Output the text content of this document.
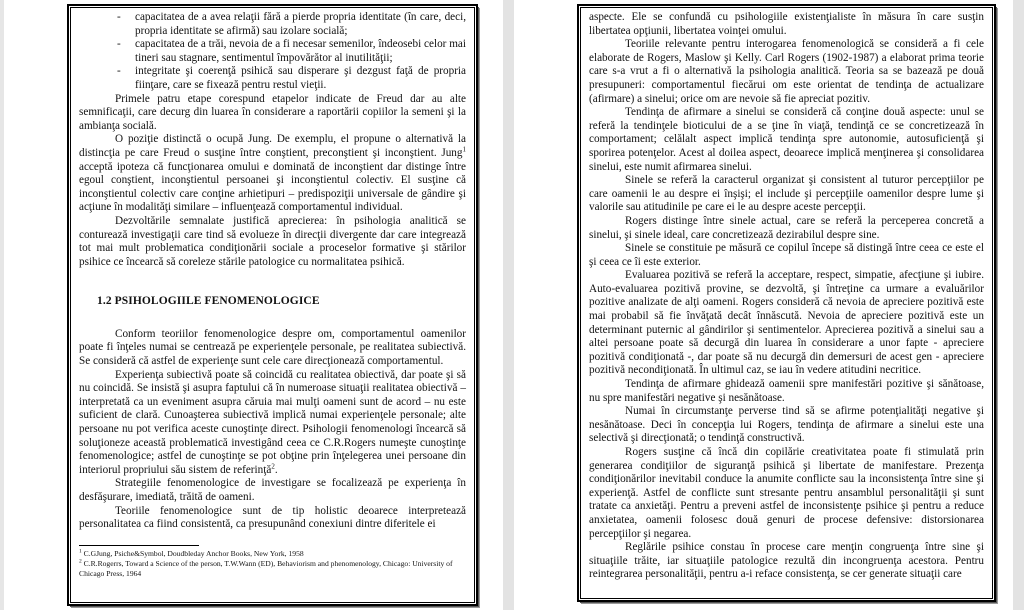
- capacitatea de a avea relaţii fără a pierde propria identitate (în care, deci, propria identitate se afirmă) sau izolare socială;
- capacitatea de a trăi, nevoia de a fi necesar semenilor, îndeosebi celor mai tineri sau stagnare, sentimentul împovărător al inutilităţii;
- integritate şi coerenţă psihică sau disperare şi dezgust faţă de propria fiinţare, care se fixează pentru restul vieţii.

Primele patru etape corespund etapelor indicate de Freud dar au alte semnificaţii, care decurg din luarea în considerare a raportării copiilor la semeni şi la ambianţa socială.

O poziţie distinctă o ocupă Jung. De exemplu, el propune o alternativă la distincţia pe care Freud o susţine între conştient, preconştient şi inconştient. Jung$^1$ acceptă ipoteza că funcţionarea omului e dominată de inconştient dar distinge între egoul conştient, inconştientul persoanei şi inconştientul colectiv. El susţine că inconştientul colectiv care conţine arhietipuri – predispoziţii universale de gândire şi acţiune în modalităţi similare – influenţează comportamentul individual.

Dezvoltările semnalate justifică aprecierea: în psihologia analitică se conturează investigaţii care tind să evolueze în direcţii divergente dar care integrează tot mai mult problematica condiţionării sociale a proceselor formative şi stărilor psihice ce încearcă să coreleze stările patologice cu normalitatea psihică.

1.2 PSIHOLOGIILE FENOMENOLOGICE

Conform teoriilor fenomenologice despre om, comportamentul oamenilor poate fi înţeles numai se centrează pe experienţele personale, pe realitatea subiectivă. Se consideră că astfel de experienţe sunt cele care direcţionează comportamentul.

Experienţa subiectivă poate să coincidă cu realitatea obiectivă, dar poate şi să nu coincidă. Se insistă şi asupra faptului că în numeroase situaţii realitatea obiectivă – interpretată ca un eveniment asupra căruia mai mulţi oameni sunt de acord – nu este suficient de clară. Cunoaşterea subiectivă implică numai experienţele personale; alte persoane nu pot verifica aceste cunoştinţe direct. Psihologii fenomenologi încearcă să soluţioneze această problematică investigând ceea ce C.R.Rogers numeşte cunoştinţe fenomenologice; astfel de cunoştinţe se pot obţine prin înţelegerea unei persoane din interiorul propriului său sistem de referinţă$^2$.

Strategiile fenomenologice de investigare se focalizează pe experienţa în desfăşurare, imediată, trăită de oameni.

Teoriile fenomenologice sunt de tip holistic deoarece interpretează personalitatea ca fiind consistentă, ca presupunând conexiuni dintre diferitele ei

$^1$ C.GJung, Psiche&Symbol, Doudbleday Anchor Books, New York, 1958
$^2$ C.R.Rogerrs, Toward a Science of the person, T.W.Wann (ED), Behaviorism and phenomenology, Chicago: University of Chicago Press, 1964

aspecte. Ele se confundă cu psihologiile existenţialiste în măsura în care susţin libertatea opţiunii, libertatea voinţei omului.

Teoriile relevante pentru interogarea fenomenologică se consideră a fi cele elaborate de Rogers, Maslow şi Kelly. Carl Rogers (1902-1987) a elaborat prima teorie care s-a vrut a fi o alternativă la psihologia analitică. Teoria sa se bazează pe două presupuneri: comportamentul fiecărui om este orientat de tendinţa de actualizare (afirmare) a sinelui; orice om are nevoie să fie apreciat pozitiv.

Tendinţa de afirmare a sinelui se consideră că conţine două aspecte: unul se referă la tendinţele bioticului de a se ţine în viaţă, tendinţă ce se concretizează în comportament; celălalt aspect implică tendinţa spre autonomie, autosuficienţă şi sporirea potenţelor. Acest al doilea aspect, deoarece implică menţinerea şi consolidarea sinelui, este numit afirmarea sinelui.

Sinele se referă la caracterul organizat şi consistent al tuturor percepţiilor pe care oamenii le au despre ei înşişi; el include şi percepţiile oamenilor despre lume şi valorile sau atitudinile pe care ei le au despre aceste percepţii.

Rogers distinge între sinele actual, care se referă la perceperea concretă a sinelui, şi sinele ideal, care concretizează dezirabilul despre sine.

Sinele se constituie pe măsură ce copilul începe să distingă între ceea ce este el şi ceea ce îi este exterior.

Evaluarea pozitivă se referă la acceptare, respect, simpatie, afecţiune şi iubire. Auto-evaluarea pozitivă provine, se dezvoltă, şi întreţine ca urmare a evaluărilor pozitive analizate de alţi oameni. Rogers consideră că nevoia de apreciere pozitivă este mai probabil să fie învăţată decât înnăscută. Nevoia de apreciere pozitivă este un determinant puternic al gândirilor şi sentimentelor. Aprecierea pozitivă a sinelui sau a altei persoane poate să decurgă din luarea în considerare a unor fapte - apreciere pozitivă condiţionată -, dar poate să nu decurgă din demersuri de acest gen - apreciere pozitivă necondiţionată. În ultimul caz, se iau în vedere atitudini necritice.

Tendinţa de afirmare ghidează oamenii spre manifestări pozitive şi sănătoase, nu spre manifestări negative şi nesănătoase.

Numai în circumstanţe perverse tind să se afirme potenţialităţi negative şi nesănătoase. Deci în concepţia lui Rogers, tendinţa de afirmare a sinelui este una selectivă şi direcţionată; o tendinţă constructivă.

Rogers susţine că încă din copilărie creativitatea poate fi stimulată prin generarea condiţiilor de siguranţă psihică şi libertate de manifestare. Prezenţa condiţionărilor inevitabil conduce la anumite conflicte sau la inconsistenţa între sine şi experienţă. Astfel de conflicte sunt stresante pentru ansamblul personalităţii şi sunt tratate ca anxietăţi. Pentru a preveni astfel de inconsistenţe psihice şi pentru a reduce anxietatea, oamenii folosesc două genuri de procese defensive: distorsionarea percepţiilor şi negarea.

Reglările psihice constau în procese care menţin congruenţa între sine şi situaţiile trăite, iar situaţiile patologice rezultă din incongruenţa acestora. Pentru reintegrarea personalităţii, pentru a-i reface consistenţa, se cer generate situaţii care
